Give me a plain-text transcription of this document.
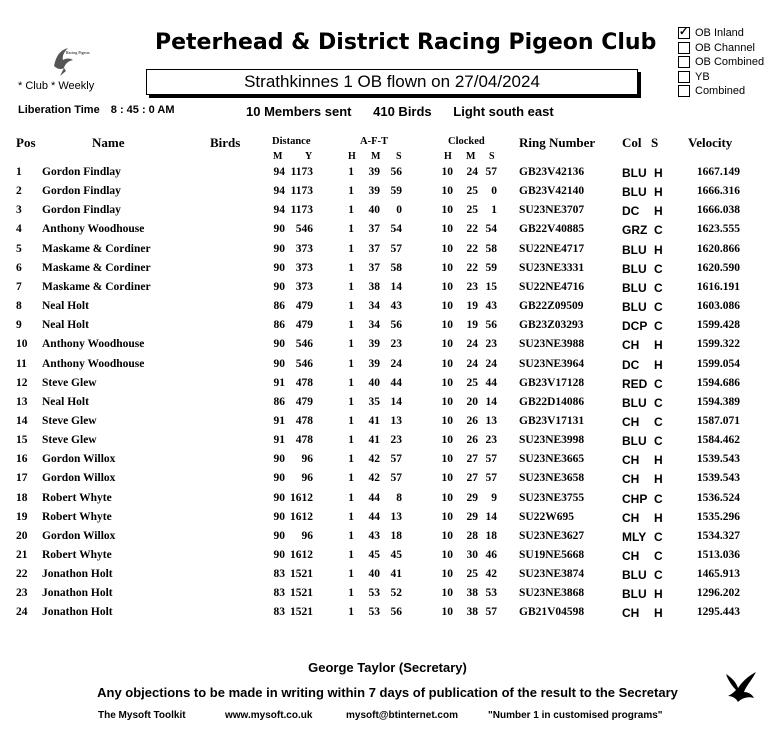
Peterhead & District Racing Pigeon Club
Racing Pigeon
* Club * Weekly	Strathkinnes 1 OB flown on 27/04/2024
✓
OB Inland
OB Channel
OB Combined
YB
Combined
Liberation Time 8 : 45 : 0 AM	10 Members sent 410 Birds Light south east
Pos	Name	Birds	Distance	A-F-T	Clocked	Ring Number Col S Velocity
M Y	H M S	H M S
1	Gordon Findlay	94 1173	1	39 56	10	24 57 GB23V42136	BLU H	1667.149
2	Gordon Findlay	94 1173	1	39 59	10	25	0 GB23V42140	BLU H	1666.316
3	Gordon Findlay	94 1173	1	40	0	10	25	1 SU23NE3707	DC	H	1666.038
4	Anthony Woodhouse	90 546	1	37 54	10	22 54 GB22V40885	GRZ C	1623.555
5	Maskame & Cordiner	90 373	1	37 57	10	22 58 SU22NE4717	BLU H	1620.866
6	Maskame & Cordiner	90 373	1	37 58	10	22 59 SU23NE3331	BLU C	1620.590
7	Maskame & Cordiner	90 373	1	38 14	10	23 15 SU22NE4716	BLU C	1616.191
8	Neal Holt	86 479	1	34 43	10	19 43 GB22Z09509	BLU C	1603.086
9	Neal Holt	86 479	1	34 56	10	19 56 GB23Z03293	DCP C	1599.428
10	Anthony Woodhouse	90 546	1	39 23	10	24 23 SU23NE3988	CH	H	1599.322
11	Anthony Woodhouse	90 546	1	39 24	10	24 24 SU23NE3964	DC	H	1599.054
12	Steve Glew	91 478	1	40 44	10	25 44 GB23V17128	RED C	1594.686
13	Neal Holt	86 479	1	35 14	10	20 14 GB22D14086	BLU C	1594.389
14	Steve Glew	91 478	1	41 13	10	26 13 GB23V17131	CH	C	1587.071
15	Steve Glew	91 478	1	41 23	10	26 23 SU23NE3998	BLU C	1584.462
16	Gordon Willox	90	96	1	42 57	10	27 57 SU23NE3665	CH	H	1539.543
17	Gordon Willox	90	96	1	42 57	10	27 57 SU23NE3658	CH	H	1539.543
18	Robert Whyte	90 1612	1	44	8	10	29	9 SU23NE3755	CHP C	1536.524
19	Robert Whyte	90 1612	1	44 13	10	29 14 SU22W695	CH	H	1535.296
20	Gordon Willox	90	96	1	43 18	10	28 18 SU23NE3627	MLY C	1534.327
21	Robert Whyte	90 1612	1	45 45	10	30 46 SU19NE5668	CH	C	1513.036
22	Jonathon Holt	83 1521	1	40 41	10	25 42 SU23NE3874	BLU C	1465.913
23	Jonathon Holt	83 1521	1	53 52	10	38 53 SU23NE3868	BLU H	1296.202
24	Jonathon Holt	83 1521	1	53 56	10	38 57 GB21V04598	CH	H	1295.443
George Taylor (Secretary)
Any objections to be made in writing within 7 days of publication of the result to the Secretary
The Mysoft Toolkit	www.mysoft.co.uk	mysoft@btinternet.com	"Number 1 in customised programs"
